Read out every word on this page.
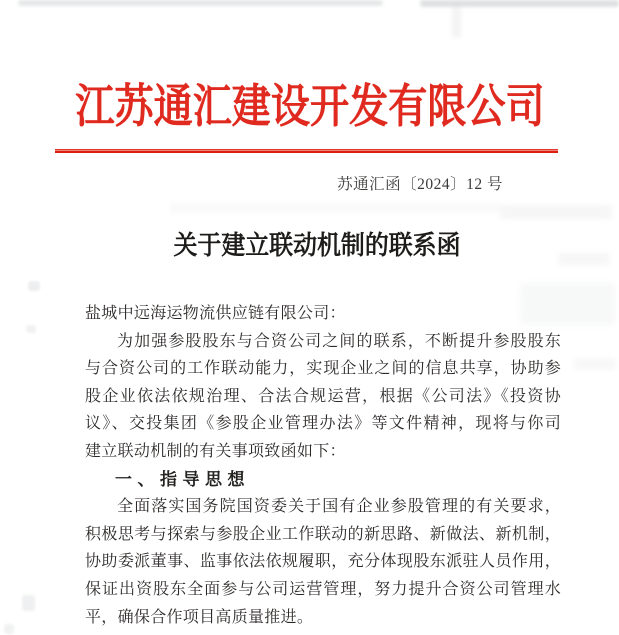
江苏通汇建设开发有限公司
苏通汇函〔2024〕12 号
关于建立联动机制的联系函
盐城中远海运物流供应链有限公司：
为加强参股股东与合资公司之间的联系，不断提升参股股东
与合资公司的工作联动能力，实现企业之间的信息共享，协助参
股企业依法依规治理、合法合规运营，根据《公司法》《投资协
议》、交投集团《参股企业管理办法》等文件精神，现将与你司
建立联动机制的有关事项致函如下：
一、指导思想
全面落实国务院国资委关于国有企业参股管理的有关要求，
积极思考与探索与参股企业工作联动的新思路、新做法、新机制，
协助委派董事、监事依法依规履职，充分体现股东派驻人员作用，
保证出资股东全面参与公司运营管理，努力提升合资公司管理水
平，确保合作项目高质量推进。
